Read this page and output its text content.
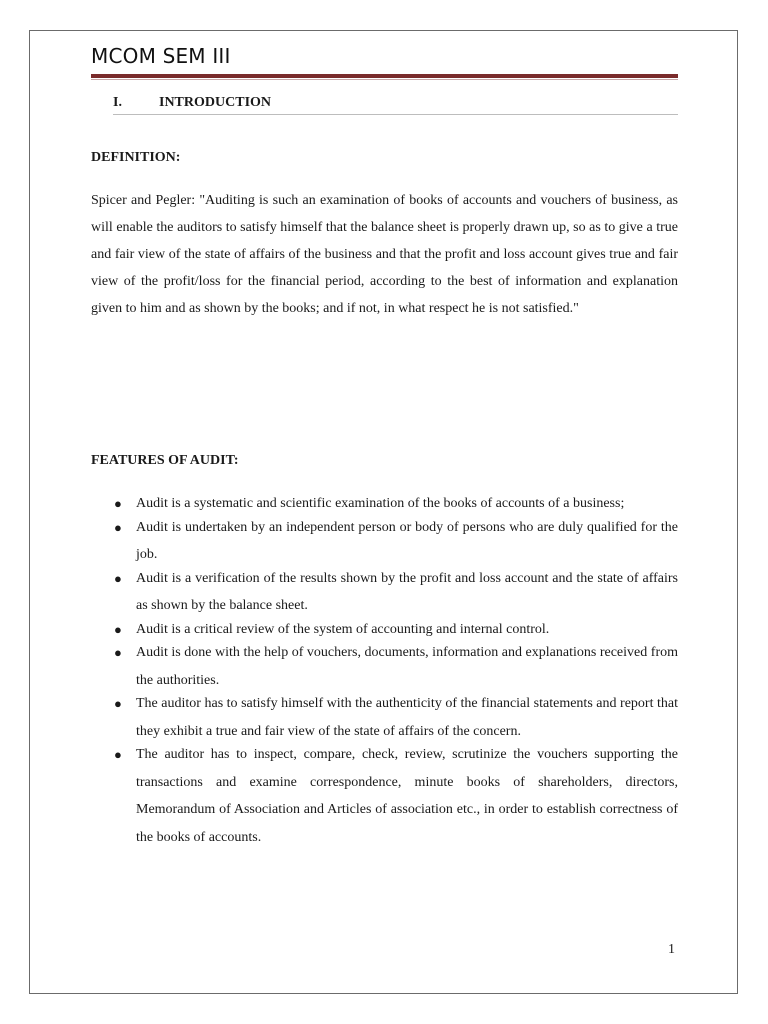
MCOM SEM III
I.	INTRODUCTION
DEFINITION:
Spicer and Pegler: "Auditing is such an examination of books of accounts and vouchers of business, as will enable the auditors to satisfy himself that the balance sheet is properly drawn up, so as to give a true and fair view of the state of affairs of the business and that the profit and loss account gives true and fair view of the profit/loss for the financial period, according to the best of information and explanation given to him and as shown by the books; and if not, in what respect he is not satisfied."
FEATURES OF AUDIT:
● Audit is a systematic and scientific examination of the books of accounts of a business;
● Audit is undertaken by an independent person or body of persons who are duly qualified for the job.
● Audit is a verification of the results shown by the profit and loss account and the state of affairs as shown by the balance sheet.
● Audit is a critical review of the system of accounting and internal control.
● Audit is done with the help of vouchers, documents, information and explanations received from the authorities.
● The auditor has to satisfy himself with the authenticity of the financial statements and report that they exhibit a true and fair view of the state of affairs of the concern.
● The auditor has to inspect, compare, check, review, scrutinize the vouchers supporting the transactions and examine correspondence, minute books of shareholders, directors, Memorandum of Association and Articles of association etc., in order to establish correctness of the books of accounts.
1
